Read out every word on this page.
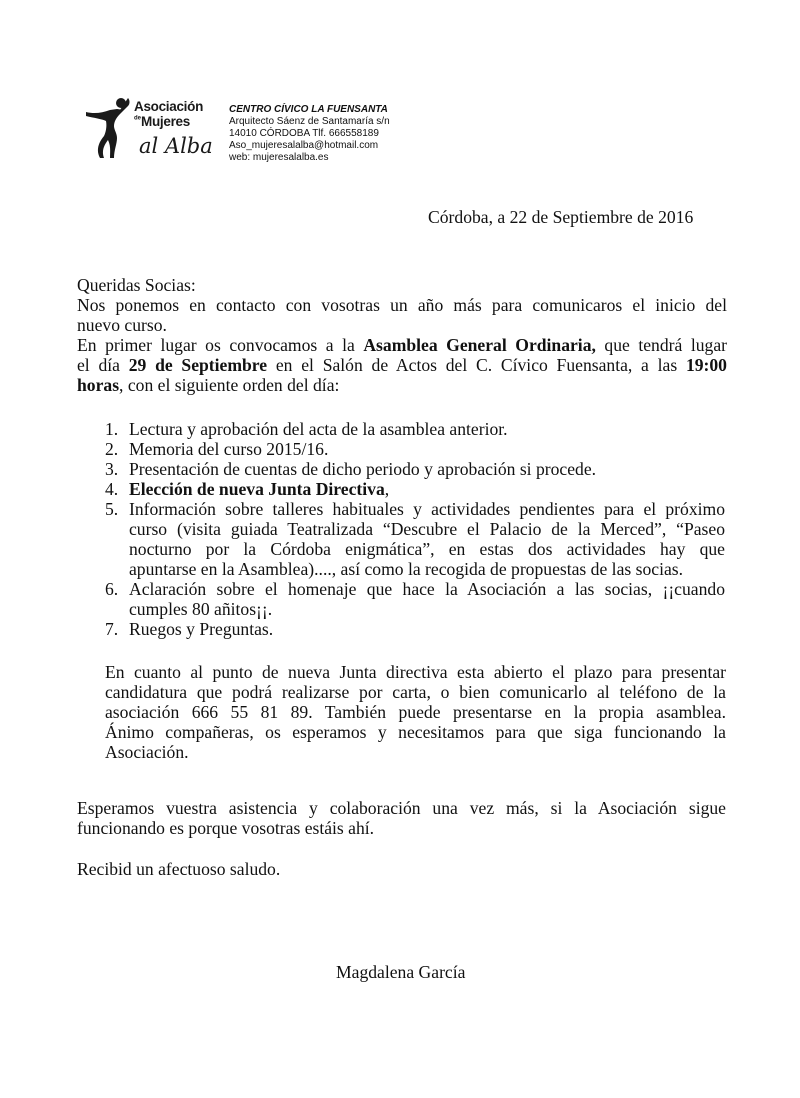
Asociación
$^{de}$Mujeres
al Alba
CENTRO CÍVICO LA FUENSANTA
Arquitecto Sáenz de Santamaría s/n
14010 CÓRDOBA Tlf. 666558189
Aso_mujeresalalba@hotmail.com
web: mujeresalalba.es
Córdoba, a 22 de Septiembre de 2016
Queridas Socias:
Nos ponemos en contacto con vosotras un año más para comunicaros el inicio del
nuevo curso.
En primer lugar os convocamos a la Asamblea General Ordinaria, que tendrá lugar
el día 29 de Septiembre en el Salón de Actos del C. Cívico Fuensanta, a las 19:00
horas, con el siguiente orden del día:
1. Lectura y aprobación del acta de la asamblea anterior.
2. Memoria del curso 2015/16.
3. Presentación de cuentas de dicho periodo y aprobación si procede.
4. Elección de nueva Junta Directiva,
5. Información sobre talleres habituales y actividades pendientes para el próximo
curso (visita guiada Teatralizada “Descubre el Palacio de la Merced”, “Paseo
nocturno por la Córdoba enigmática”, en estas dos actividades hay que
apuntarse en la Asamblea)...., así como la recogida de propuestas de las socias.
6. Aclaración sobre el homenaje que hace la Asociación a las socias, ¡¡cuando
cumples 80 añitos¡¡.
7. Ruegos y Preguntas.
En cuanto al punto de nueva Junta directiva esta abierto el plazo para presentar
candidatura que podrá realizarse por carta, o bien comunicarlo al teléfono de la
asociación 666 55 81 89. También puede presentarse en la propia asamblea.
Ánimo compañeras, os esperamos y necesitamos para que siga funcionando la
Asociación.
Esperamos vuestra asistencia y colaboración una vez más, si la Asociación sigue
funcionando es porque vosotras estáis ahí.
Recibid un afectuoso saludo.
Magdalena García
